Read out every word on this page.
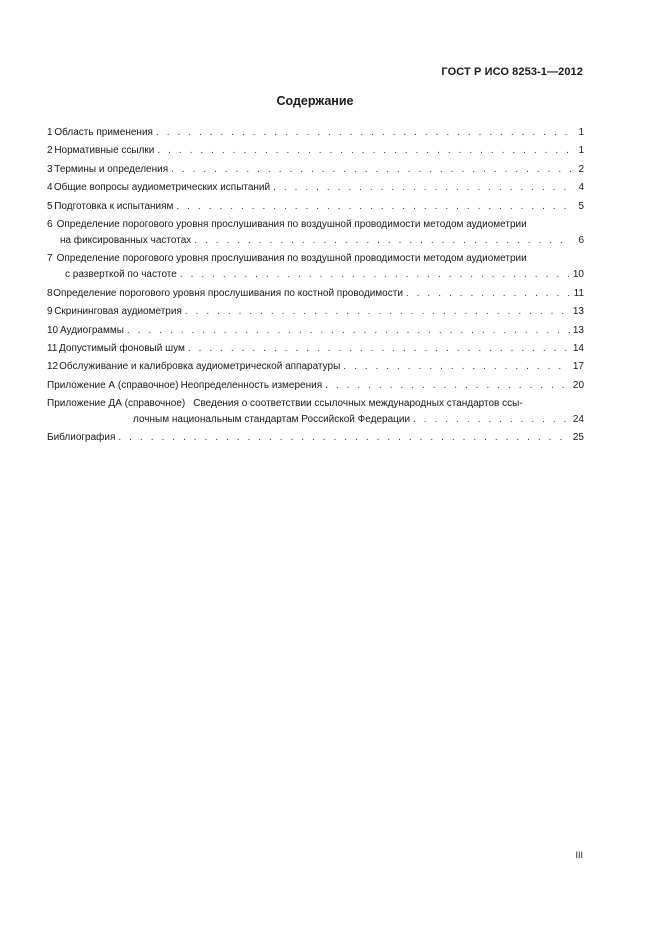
ГОСТ Р ИСО 8253-1—2012
Содержание
1 Область применения . . .	1
2 Нормативные ссылки . . .	1
3 Термины и определения . . .	2
4 Общие вопросы аудиометрических испытаний . . .	4
5 Подготовка к испытаниям . . .	5
6 Определение порогового уровня прослушивания по воздушной проводимости методом аудиометрии
на фиксированных частотах . . .	6
7 Определение порогового уровня прослушивания по воздушной проводимости методом аудиометрии
с разверткой по частоте . . .	10
8 Определение порогового уровня прослушивания по костной проводимости . . .	11
9 Скрининговая аудиометрия . . .	13
10 Аудиограммы . . .	13
11 Допустимый фоновый шум . . .	14
12 Обслуживание и калибровка аудиометрической аппаратуры . . .	17
Приложение А (справочное) Неопределенность измерения . . .	20
Приложение ДА (справочное) Сведения о соответствии ссылочных международных стандартов ссы-
лочным национальным стандартам Российской Федерации . . .	24
Библиография . . .	25
III
